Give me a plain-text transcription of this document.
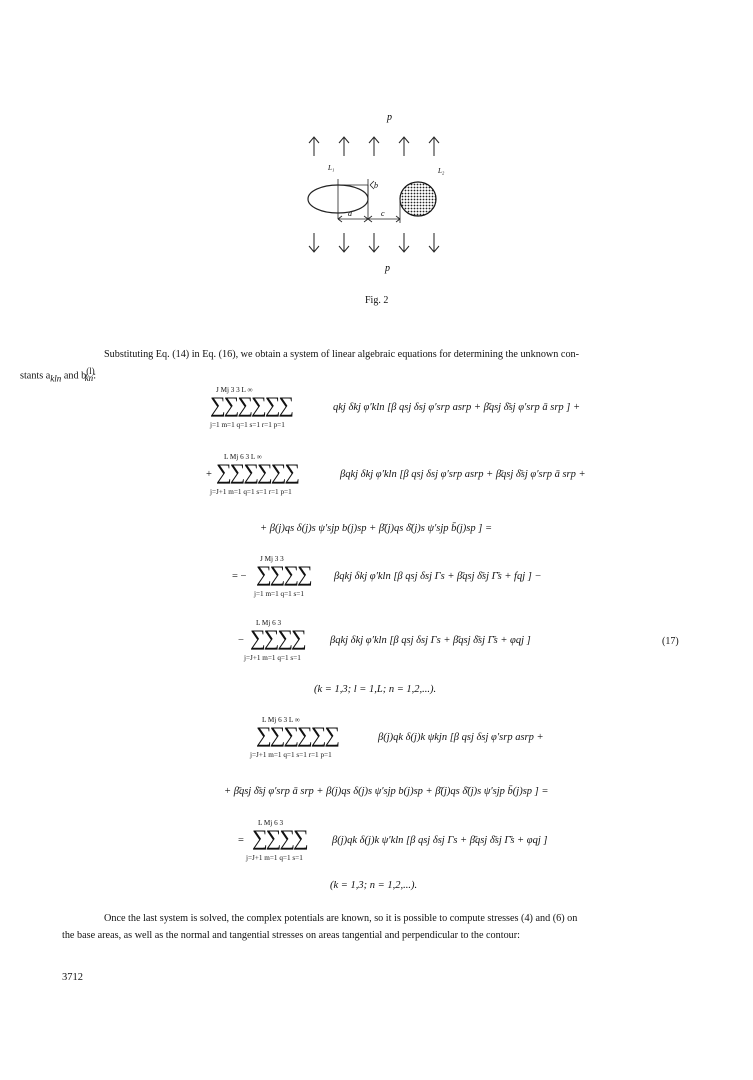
p
p
L₁	L₂
b
a	c
Fig. 2
Substituting Eq. (14) in Eq. (16), we obtain a system of linear algebraic equations for determining the unknown con-
stants $a_{kln}$ and $b^{(l)}_{kn}$:
J Mj 3 3 L ∞
∑∑∑∑∑∑
j=1 m=1 q=1 s=1 r=1 p=1
qkj δkj φ′kln [β qsj δsj φ′srp asrp + β̄qsj δ̄sj φ′srp ā srp ] +
L Mj 6 3 L ∞
+ ∑∑∑∑∑∑
j=J+1 m=1 q=1 s=1 r=1 p=1
βqkj δkj φ′kln [β qsj δsj φ′srp asrp + β̄qsj δ̄sj φ′srp ā srp +
+ β(j)qs δ(j)s ψ′sjp b(j)sp + β̄(j)qs δ̄(j)s ψ′sjp b̄(j)sp ] =
J Mj 3 3
= − ∑∑∑∑
j=1 m=1 q=1 s=1
βqkj δkj φ′kln [β qsj δsj Γs + β̄qsj δ̄sj Γ̄s + fqj ] −
L Mj 6 3
− ∑∑∑∑
j=J+1 m=1 q=1 s=1
βqkj δkj φ′kln [β qsj δsj Γs + β̄qsj δ̄sj Γ̄s + φqj ]	(17)
(k = 1,3; l = 1,L; n = 1,2,...).
L Mj 6 3 L ∞
∑∑∑∑∑∑
j=J+1 m=1 q=1 s=1 r=1 p=1
β(j)qk δ(j)k ψkjn [β qsj δsj φ′srp asrp +
+ β̄qsj δ̄sj φ′srp ā srp + β(j)qs δ(j)s ψ′sjp b(j)sp + β̄(j)qs δ̄(j)s ψ′sjp b̄(j)sp ] =
L Mj 6 3
= ∑∑∑∑
j=J+1 m=1 q=1 s=1
β(j)qk δ(j)k ψ′kln [β qsj δsj Γs + β̄qsj δ̄sj Γ̄s + φqj ]
(k = 1,3; n = 1,2,...).
Once the last system is solved, the complex potentials are known, so it is possible to compute stresses (4) and (6) on
the base areas, as well as the normal and tangential stresses on areas tangential and perpendicular to the contour:
3712
